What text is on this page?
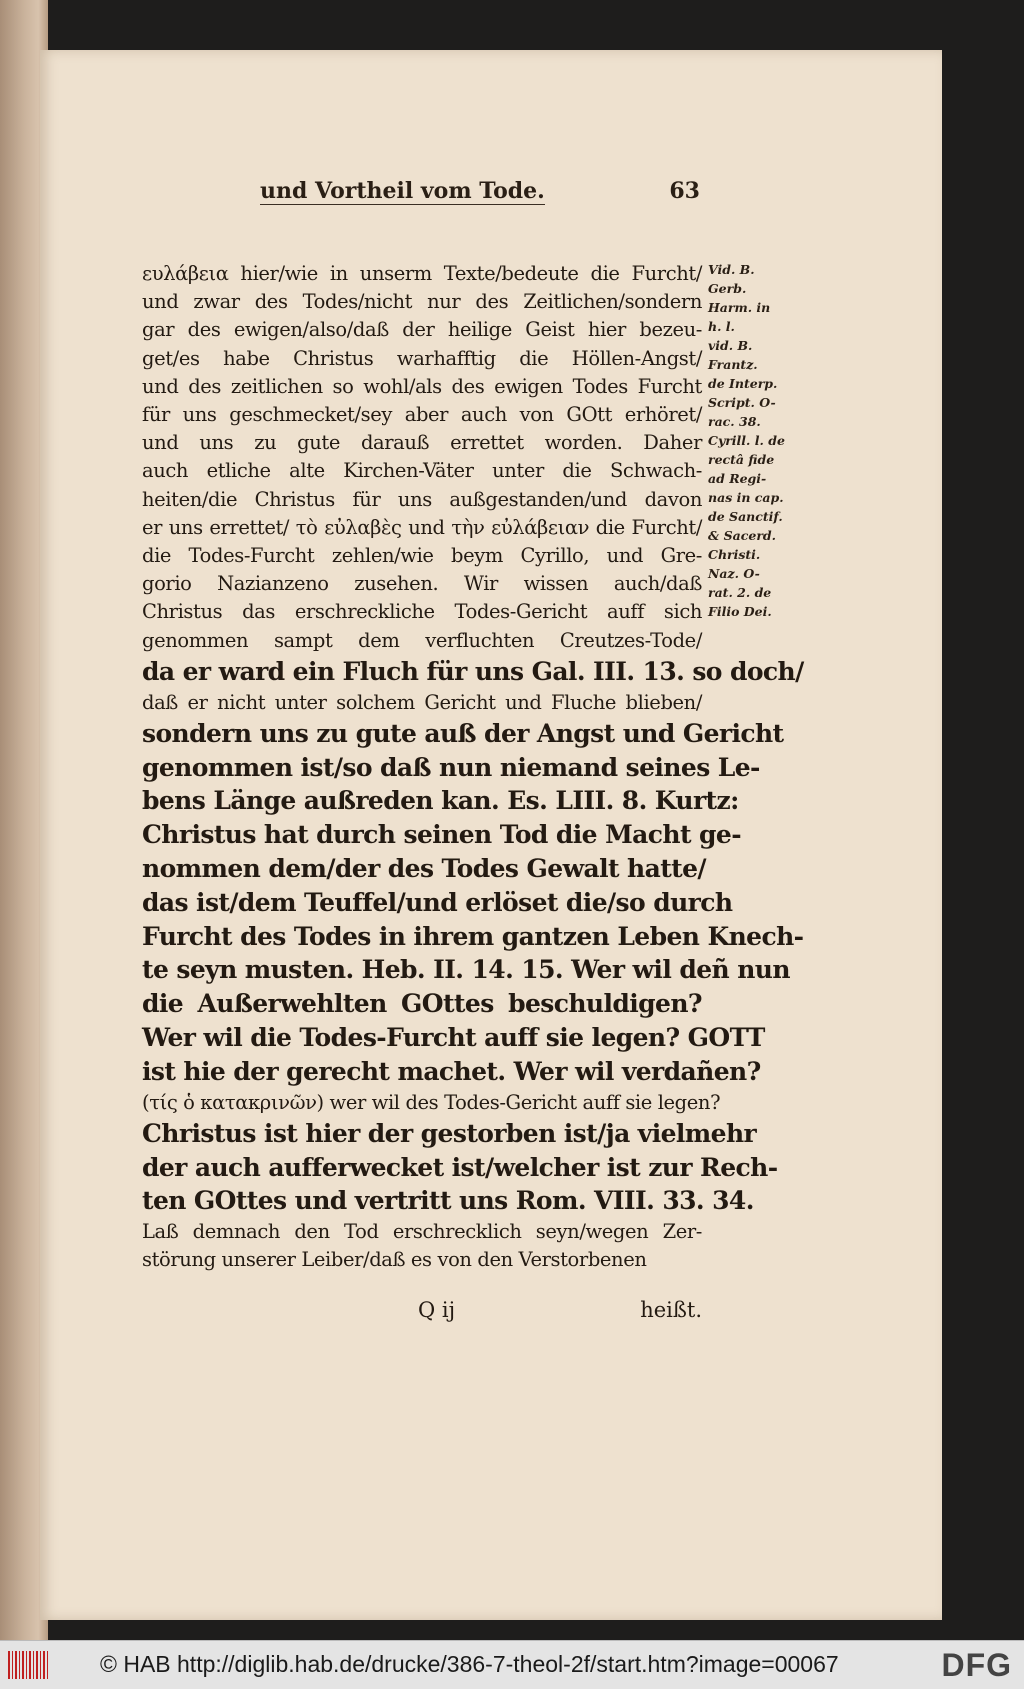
und Vortheil vom Tode.	63
ευλάβεια hier/wie in unserm Texte/bedeute die Furcht/
und zwar des Todes/nicht nur des Zeitlichen/sondern
gar des ewigen/also/daß der heilige Geist hier bezeu-
get/es habe Christus warhafftig die Höllen-Angst/
und des zeitlichen so wohl/als des ewigen Todes Furcht
für uns geschmecket/sey aber auch von GOtt erhöret/
und uns zu gute darauß errettet worden. Daher
auch etliche alte Kirchen-Väter unter die Schwach-
heiten/die Christus für uns außgestanden/und davon
er uns errettet/ τὸ εὐλαβὲς und τὴν εὐλάβειαν die Furcht/
die Todes-Furcht zehlen/wie beym Cyrillo, und Gre-
gorio Nazianzeno zusehen. Wir wissen auch/daß
Christus das erschreckliche Todes-Gericht auff sich
genommen sampt dem verfluchten Creutzes-Tode/
da er ward ein Fluch für uns Gal. III. 13. so doch/
daß er nicht unter solchem Gericht und Fluche blieben/
sondern uns zu gute auß der Angst und Gericht
genommen ist/so daß nun niemand seines Le-
bens Länge außreden kan. Es. LIII. 8. Kurtz:
Christus hat durch seinen Tod die Macht ge-
nommen dem/der des Todes Gewalt hatte/
das ist/dem Teuffel/und erlöset die/so durch
Furcht des Todes in ihrem gantzen Leben Knech-
te seyn musten. Heb. II. 14. 15. Wer wil deñ nun
die Außerwehlten GOttes beschuldigen?
Wer wil die Todes-Furcht auff sie legen? GOTT
ist hie der gerecht machet. Wer wil verdañen?
(τίς ὁ κατακρινῶν) wer wil des Todes-Gericht auff sie legen?
Christus ist hier der gestorben ist/ja vielmehr
der auch aufferwecket ist/welcher ist zur Rech-
ten GOttes und vertritt uns Rom. VIII. 33. 34.
Laß demnach den Tod erschrecklich seyn/wegen Zer-
störung unserer Leiber/daß es von den Verstorbenen
Vid. B.
Gerb.
Harm. in
h. l.
vid. B.
Frantz.
de Interp.
Script. O-
rac. 38.
Cyrill. l. de
rectâ fide
ad Regi-
nas in cap.
de Sanctif.
& Sacerd.
Christi.
Naz. O-
rat. 2. de
Filio Dei.
Q ij	heißt.
© HAB http://diglib.hab.de/drucke/386-7-theol-2f/start.htm?image=00067	DFG
